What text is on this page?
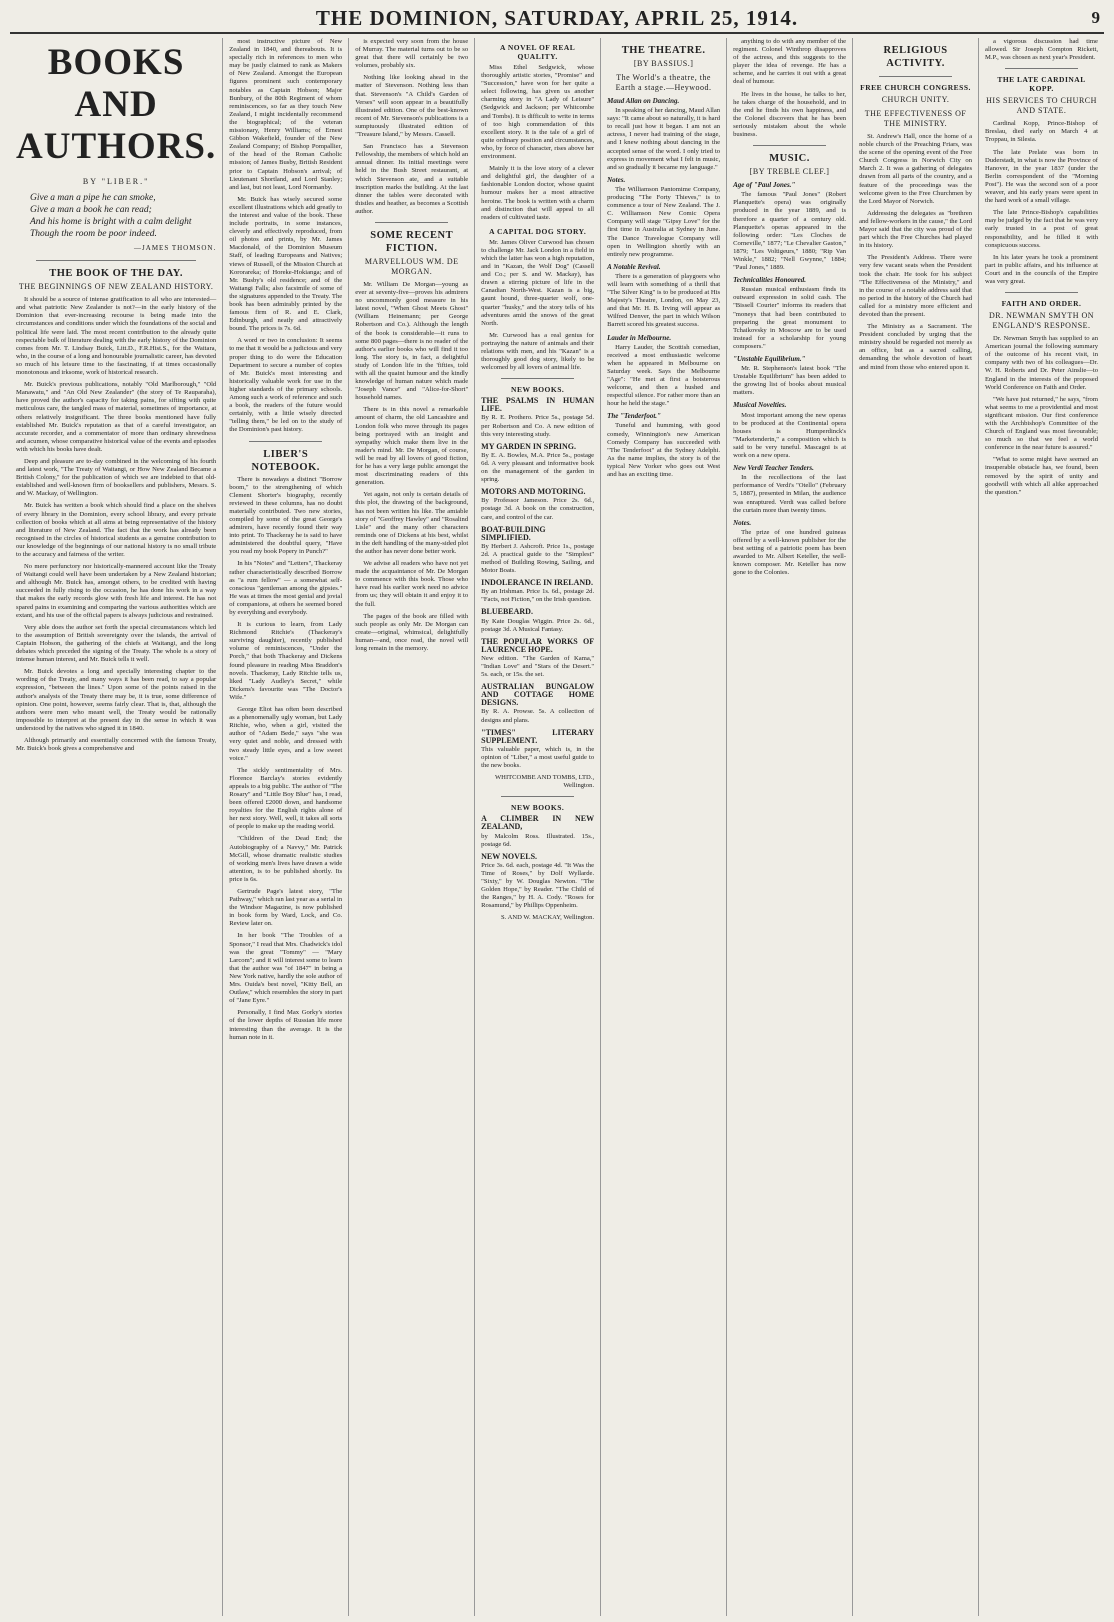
THE DOMINION, SATURDAY, APRIL 25, 1914.	9
BOOKS AND AUTHORS.
BY "LIBER."
Give a man a pipe he can smoke,
Give a man a book he can read;
And his home is bright with a calm delight
Though the room be poor indeed.
—JAMES THOMSON.
THE BOOK OF THE DAY.
THE BEGINNINGS OF NEW ZEALAND HISTORY.

It should be a source of intense gratification to all who are interested—and what patriotic New Zealander is not?—in the early history of the Dominion that ever-increasing recourse is being made into the circumstances and conditions under which the foundations of the social and political life were laid. The most recent contribution to the already quite respectable bulk of literature dealing with the early history of the Dominion comes from Mr. T. Lindsay Buick, Litt.D., F.R.Hist.S., for the Waitara, who, in the course of a long and honourable journalistic career, has devoted so much of his leisure time to the fascinating, if at times occasionally monotonous and irksome, work of historical research.

Mr. Buick's previous publications, notably "Old Marlborough," "Old Manawatu," and "An Old New Zealander" (the story of Te Rauparaha), have proved the author's capacity for taking pains, for sifting with quite meticulous care, the tangled mass of material, sometimes of importance, at others relatively insignificant. The three books mentioned have fully established Mr. Buick's reputation as that of a careful investigator, an accurate recorder, and a commentator of more than ordinary shrewdness and acumen, whose comparative historical value of the events and episodes with which his books have dealt.

Deep and pleasure are to-day combined in the welcoming of his fourth and latest work, "The Treaty of Waitangi, or How New Zealand Became a British Colony," for the publication of which we are indebted to that old-established and well-known firm of booksellers and publishers, Messrs. S. and W. Mackay, of Wellington.

Mr. Buick has written a book which should find a place on the shelves of every library in the Dominion, every school library, and every private collection of books which at all aims at being representative of the history and literature of New Zealand. The fact that the work has already been recognised in the circles of historical students as a genuine contribution to our knowledge of the beginnings of our national history is no small tribute to the accuracy and fairness of the writer.

No mere perfunctory nor historically-mannered account like the Treaty of Waitangi could well have been undertaken by a New Zealand historian; and although Mr. Buick has, amongst others, to be credited with having succeeded in fully rising to the occasion, he has done his work in a way that makes the early records glow with fresh life and interest. He has not spared pains in examining and comparing the various authorities which are extant, and his use of the official papers is always judicious and restrained.

Very able does the author set forth the special circumstances which led to the assumption of British sovereignty over the islands, the arrival of Captain Hobson, the gathering of the chiefs at Waitangi, and the long debates which preceded the signing of the Treaty. The whole is a story of intense human interest, and Mr. Buick tells it well.

Mr. Buick devotes a long and specially interesting chapter to the wording of the Treaty, and many ways it has been read, to say a popular expression, "between the lines." Upon some of the points raised in the author's analysis of the Treaty there may be, it is true, some difference of opinion. One point, however, seems fairly clear. That is, that, although the authors were men who meant well, the Treaty would be rationally impossible to interpret at the present day in the sense in which it was understood by the natives who signed it in 1840.

Although primarily and essentially concerned with the famous Treaty, Mr. Buick's book gives a comprehensive and

most instructive picture of New Zealand in 1840, and thereabouts. It is specially rich in references to men who may be justly claimed to rank as Makers of New Zealand. Amongst the European figures prominent such contemporary notables as Captain Hobson; Major Bunbury, of the 80th Regiment of whom reminiscences, so far as they touch New Zealand, I might incidentally recommend the biographical; of the veteran missionary, Henry Williams; of Ernest Gibbon Wakefield, founder of the New Zealand Company; of Bishop Pompallier, of the head of the Roman Catholic mission; of James Busby, British Resident prior to Captain Hobson's arrival; of Lieutenant Shortland, and Lord Stanley; and last, but not least, Lord Normanby.

Mr. Buick has wisely secured some excellent illustrations which add greatly to the interest and value of the book. These include portraits, in some instances, cleverly and effectively reproduced, from oil photos and prints, by Mr. James Macdonald, of the Dominion Museum Staff, of leading Europeans and Natives; views of Russell, of the Mission Church at Kororareka; of Horeke-Hokianga; and of Mr. Busby's old residence; and of the Waitangi Falls; also facsimile of some of the signatures appended to the Treaty. The book has been admirably printed by the famous firm of R. and E. Clark, Edinburgh, and neatly and attractively bound. The prices is 7s. 6d.

A word or two in conclusion: It seems to me that it would be a judicious and very proper thing to do were the Education Department to secure a number of copies of Mr. Buick's most interesting and historically valuable work for use in the higher standards of the primary schools. Among such a work of reference and such a book, the readers of the future would certainly, with a little wisely directed "telling them," be led on to the study of the Dominion's past history.

LIBER'S NOTEBOOK.

There is nowadays a distinct "Borrow boom," to the strengthening of which Clement Shorter's biography, recently reviewed in these columns, has no doubt materially contributed. Two new stories, compiled by some of the great George's admirers, have recently found their way into print. To Thackeray he is said to have administered the doubtful query, "Have you read my book Popery in Punch?"

In his "Notes" and "Letters", Thackeray rather characteristically described Borrow as "a rum fellow" — a somewhat self-conscious "gentleman among the gipsies." He was at times the most genial and jovial of companions, at others he seemed bored by everything and everybody.

It is curious to learn, from Lady Richmond Ritchie's (Thackeray's surviving daughter), recently published volume of reminiscences, "Under the Porch," that both Thackeray and Dickens found pleasure in reading Miss Braddon's novels. Thackeray, Lady Ritchie tells us, liked "Lady Audley's Secret," while Dickens's favourite was "The Doctor's Wife."

George Eliot has often been described as a phenomenally ugly woman, but Lady Ritchie, who, when a girl, visited the author of "Adam Bede," says "she was very quiet and noble, and dressed with two steady little eyes, and a low sweet voice."

The sickly sentimentality of Mrs. Florence Barclay's stories evidently appeals to a big public. The author of "The Rosary" and "Little Boy Blue" has, I read, been offered £2000 down, and handsome royalties for the English rights alone of her next story. Well, well, it takes all sorts of people to make up the reading world.

"Children of the Dead End; the Autobiography of a Navvy," Mr. Patrick McGill, whose dramatic realistic studies of working men's lives have drawn a wide attention, is to be published shortly. Its price is 6s.

Gertrude Page's latest story, "The Pathway," which ran last year as a serial in the Windsor Magazine, is now published in book form by Ward, Lock, and Co. Review later on.

In her book "The Troubles of a Sponsor," I read that Mrs. Chadwick's idol was the great "Tommy" — "Mary Larcom"; and it will interest some to learn that the author was "of 1847" in being a New York native, hardly the sole author of Mrs. Ouida's best novel, "Kitty Bell, an Outlaw," which resembles the story in part of "Jane Eyre."

Personally, I find Max Gorky's stories of the lower depths of Russian life more interesting than the average. It is the human note in it.

is expected very soon from the house of Murray. The material turns out to be so great that there will certainly be two volumes, probably six.

Nothing like looking ahead in the matter of Stevenson. Nothing less than that. Stevenson's "A Child's Garden of Verses" will soon appear in a beautifully illustrated edition. One of the best-known recent of Mr. Stevenson's publications is a sumptuously illustrated edition of "Treasure Island," by Messrs. Cassell.

San Francisco has a Stevenson Fellowship, the members of which hold an annual dinner. Its initial meetings were held in the Bush Street restaurant, at which Stevenson ate, and a suitable inscription marks the building. At the last dinner the tables were decorated with thistles and heather, as becomes a Scottish author.

SOME RECENT FICTION.
MARVELLOUS WM. DE MORGAN.

Mr. William De Morgan—young as ever at seventy-five—proves his admirers no uncommonly good measure in his latest novel, "When Ghost Meets Ghost" (William Heinemann; per George Robertson and Co.). Although the length of the book is considerable—it runs to some 800 pages—there is no reader of the author's earlier books who will find it too long. The story is, in fact, a delightful study of London life in the 'fifties, told with all the quaint humour and the kindly knowledge of human nature which made "Joseph Vance" and "Alice-for-Short" household names.

There is in this novel a remarkable amount of charm, the old Lancashire and London folk who move through its pages being portrayed with an insight and sympathy which make them live in the reader's mind. Mr. De Morgan, of course, will be read by all lovers of good fiction, for he has a very large public amongst the most discriminating readers of this generation.

Yet again, not only is certain details of this plot, the drawing of the background, has not been written his like. The amiable story of "Geoffrey Hawley" and "Rosalind Lisle" and the many other characters reminds one of Dickens at his best, whilst in the deft handling of the many-sided plot the author has never done better work.

We advise all readers who have not yet made the acquaintance of Mr. De Morgan to commence with this book. Those who have read his earlier work need no advice from us; they will obtain it and enjoy it to the full.

The pages of the book are filled with such people as only Mr. De Morgan can create—original, whimsical, delightfully human—and, once read, the novel will long remain in the memory.

A NOVEL OF REAL QUALITY.

Miss Ethel Sedgwick, whose thoroughly artistic stories, "Promise" and "Succession," have won for her quite a select following, has given us another charming story in "A Lady of Leisure" (Sedgwick and Jackson; per Whitcombe and Tombs). It is difficult to write in terms of too high commendation of this excellent story. It is the tale of a girl of quite ordinary position and circumstances, who, by force of character, rises above her environment.

Mainly it is the love story of a clever and delightful girl, the daughter of a fashionable London doctor, whose quaint humour makes her a most attractive heroine. The book is written with a charm and distinction that will appeal to all readers of cultivated taste.

A CAPITAL DOG STORY.

Mr. James Oliver Curwood has chosen to challenge Mr. Jack London in a field in which the latter has won a high reputation, and in "Kazan, the Wolf Dog" (Cassell and Co.; per S. and W. Mackay), has drawn a stirring picture of life in the Canadian North-West. Kazan is a big, gaunt hound, three-quarter wolf, one-quarter "husky," and the story tells of his adventures amid the snows of the great North.

Mr. Curwood has a real genius for portraying the nature of animals and their relations with men, and his "Kazan" is a thoroughly good dog story, likely to be welcomed by all lovers of animal life.

NEW BOOKS.
THE PSALMS IN HUMAN LIFE.
By R. E. Prothero. Price 5s., postage 5d. per Robertson and Co. A new edition of this very interesting study.
MY GARDEN IN SPRING.
By E. A. Bowles, M.A. Price 5s., postage 6d. A very pleasant and informative book on the management of the garden in spring.
MOTORS AND MOTORING.
By Professor Jameson. Price 2s. 6d., postage 3d. A book on the construction, care, and control of the car.
BOAT-BUILDING SIMPLIFIED.
By Herbert J. Ashcroft. Price 1s., postage 2d. A practical guide to the "Simplest" method of Building Rowing, Sailing, and Motor Boats.
INDOLERANCE IN IRELAND.
By an Irishman. Price 1s. 6d., postage 2d. "Facts, not Fiction," on the Irish question.
BLUEBEARD.
By Kate Douglas Wiggin. Price 2s. 6d., postage 3d. A Musical Fantasy.
THE POPULAR WORKS OF LAURENCE HOPE.
New edition. "The Garden of Kama," "Indian Love" and "Stars of the Desert." 5s. each, or 15s. the set.
AUSTRALIAN BUNGALOW AND COTTAGE HOME DESIGNS.
By R. A. Prowse. 5s. A collection of designs and plans.
"TIMES" LITERARY SUPPLEMENT.
This valuable paper, which is, in the opinion of "Liber," a most useful guide to the new books.
WHITCOMBE AND TOMBS, LTD., Wellington.
NEW BOOKS.
A CLIMBER IN NEW ZEALAND,
by Malcolm Ross. Illustrated. 15s., postage 6d.
NEW NOVELS.
Price 3s. 6d. each, postage 4d. "It Was the Time of Roses," by Dolf Wyllarde. "Sixty," by W. Douglas Newton. "The Golden Hope," by Reader. "The Child of the Ranges," by H. A. Cody. "Roses for Rosamund," by Phillips Oppenheim.
S. AND W. MACKAY, Wellington.
THE THEATRE.
[BY BASSIUS.]
The World's a theatre, the Earth a stage.—Heywood.
Maud Allan on Dancing.

In speaking of her dancing, Maud Allan says: "It came about so naturally, it is hard to recall just how it began. I am not an actress, I never had training of the stage, and I knew nothing about dancing in the accepted sense of the word. I only tried to express in movement what I felt in music, and so gradually it became my language."

Notes.

The Williamson Pantomime Company, producing "The Forty Thieves," is to commence a tour of New Zealand. The J. C. Williamson New Comic Opera Company will stage "Gipsy Love" for the first time in Australia at Sydney in June. The Dance Travelogue Company will open in Wellington shortly with an entirely new programme.

A Notable Revival.

There is a generation of playgoers who will learn with something of a thrill that "The Silver King" is to be produced at His Majesty's Theatre, London, on May 23, and that Mr. H. B. Irving will appear as Wilfred Denver, the part in which Wilson Barrett scored his greatest success.

Lauder in Melbourne.

Harry Lauder, the Scottish comedian, received a most enthusiastic welcome when he appeared in Melbourne on Saturday week. Says the Melbourne "Age": "He met at first a boisterous welcome, and then a hushed and respectful silence. For rather more than an hour he held the stage."

The "Tenderfoot."

Tuneful and humming, with good comedy, Winnington's new American Comedy Company has succeeded with "The Tenderfoot" at the Sydney Adelphi. As the name implies, the story is of the typical New Yorker who goes out West and has an exciting time.

anything to do with any member of the regiment. Colonel Winthrop disapproves of the actress, and this suggests to the player the idea of revenge. He has a scheme, and he carries it out with a great deal of humour.

He lives in the house, he talks to her, he takes charge of the household, and in the end he finds his own happiness, and the Colonel discovers that he has been seriously mistaken about the whole business.

MUSIC.
[BY TREBLE CLEF.]
Age of "Paul Jones."

The famous "Paul Jones" (Robert Planquette's opera) was originally produced in the year 1889, and is therefore a quarter of a century old. Planquette's operas appeared in the following order: "Les Cloches de Corneville," 1877; "Le Chevalier Gaston," 1879; "Les Voltigeurs," 1880; "Rip Van Winkle," 1882; "Nell Gwynne," 1884; "Paul Jones," 1889.

Technicalities Honoured.

Russian musical enthusiasm finds its outward expression in solid cash. The "Bissell Courier" informs its readers that "moneys that had been contributed to preparing the great monument to Tchaikovsky in Moscow are to be used instead for a scholarship for young composers."

"Unstable Equilibrium."

Mr. R. Stephenson's latest book "The Unstable Equilibrium" has been added to the growing list of books about musical matters.

Musical Novelties.

Most important among the new operas to be produced at the Continental opera houses is Humperdinck's "Marketenderin," a composition which is said to be very tuneful. Mascagni is at work on a new opera.

New Verdi Teacher Tenders.

In the recollections of the last performance of Verdi's "Otello" (February 5, 1887), presented in Milan, the audience was enraptured. Verdi was called before the curtain more than twenty times.

Notes.

The prize of one hundred guineas offered by a well-known publisher for the best setting of a patriotic poem has been awarded to Mr. Albert Keteller, the well-known composer. Mr. Keteller has now gone to the Colonies.

RELIGIOUS ACTIVITY.
FREE CHURCH CONGRESS.
CHURCH UNITY.
THE EFFECTIVENESS OF THE MINISTRY.

St. Andrew's Hall, once the home of a noble church of the Preaching Friars, was the scene of the opening event of the Free Church Congress in Norwich City on March 2. It was a gathering of delegates drawn from all parts of the country, and a feature of the proceedings was the welcome given to the Free Churchmen by the Lord Mayor of Norwich.

Addressing the delegates as "brethren and fellow-workers in the cause," the Lord Mayor said that the city was proud of the part which the Free Churches had played in its history.

The President's Address. There were very few vacant seats when the President took the chair. He took for his subject "The Effectiveness of the Ministry," and in the course of a notable address said that no period in the history of the Church had called for a ministry more efficient and devoted than the present.

The Ministry as a Sacrament. The President concluded by urging that the ministry should be regarded not merely as an office, but as a sacred calling, demanding the whole devotion of heart and mind from those who entered upon it.

a vigorous discussion had time allowed. Sir Joseph Compton Rickett, M.P., was chosen as next year's President.

THE LATE CARDINAL KOPP.
HIS SERVICES TO CHURCH AND STATE.

Cardinal Kopp, Prince-Bishop of Breslau, died early on March 4 at Troppau, in Silesia.

The late Prelate was born in Duderstadt, in what is now the Province of Hanover, in the year 1837 (under the Berlin correspondent of the "Morning Post"). He was the second son of a poor weaver, and his early years were spent in the hard work of a small village.

The late Prince-Bishop's capabilities may be judged by the fact that he was very early trusted in a post of great responsibility, and he filled it with conspicuous success.

In his later years he took a prominent part in public affairs, and his influence at Court and in the councils of the Empire was very great.

FAITH AND ORDER.
DR. NEWMAN SMYTH ON ENGLAND'S RESPONSE.

Dr. Newman Smyth has supplied to an American journal the following summary of the outcome of his recent visit, in company with two of his colleagues—Dr. W. H. Roberts and Dr. Peter Ainslie—to England in the interests of the proposed World Conference on Faith and Order.

"We have just returned," he says, "from what seems to me a providential and most significant mission. Our first conference with the Archbishop's Committee of the Church of England was most favourable; so much so that we feel a world conference in the near future is assured."

"What to some might have seemed an insuperable obstacle has, we found, been removed by the spirit of unity and goodwill with which all alike approached the question."
